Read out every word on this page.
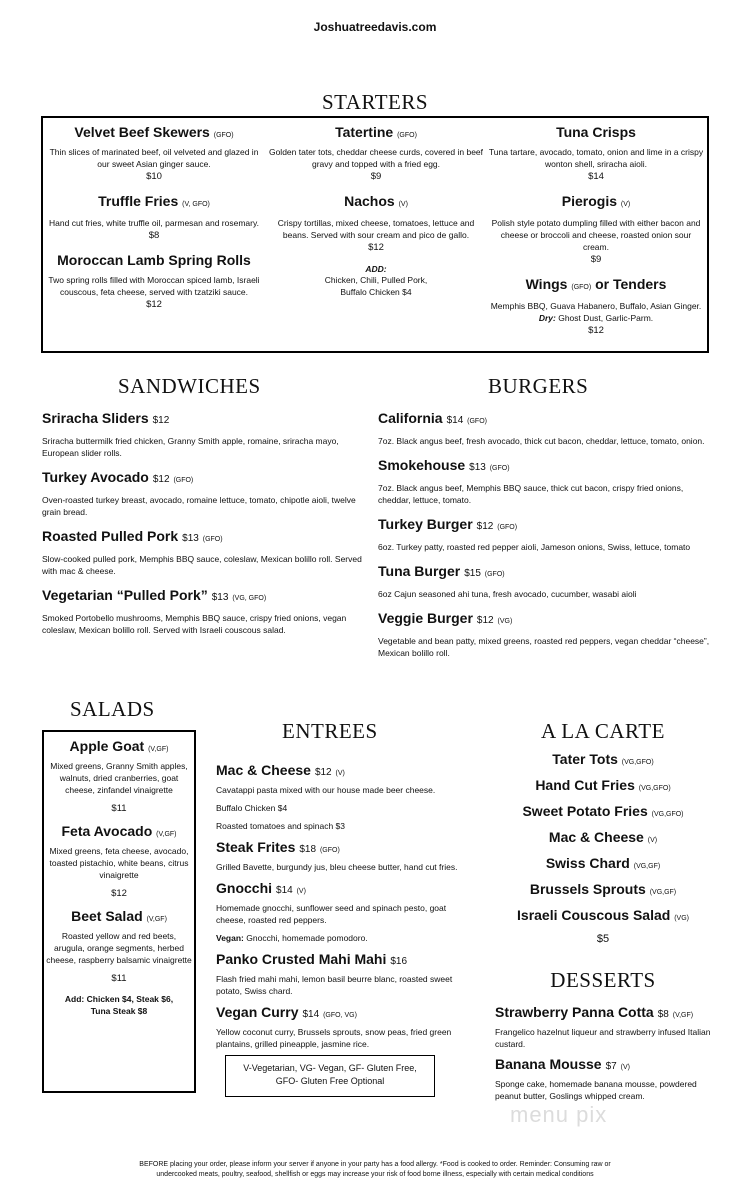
Joshuatreedavis.com
STARTERS
Velvet Beef Skewers (GFO)
Thin slices of marinated beef, oil velveted and glazed in our sweet Asian ginger sauce.
$10
Truffle Fries (V, GFO)
Hand cut fries, white truffle oil, parmesan and rosemary.
$8
Moroccan Lamb Spring Rolls
Two spring rolls filled with Moroccan spiced lamb, Israeli couscous, feta cheese, served with tzatziki sauce.
$12
Tatertine (GFO)
Golden tater tots, cheddar cheese curds, covered in beef gravy and topped with a fried egg.
$9
Nachos (V)
Crispy tortillas, mixed cheese, tomatoes, lettuce and beans. Served with sour cream and pico de gallo.
$12
ADD:
Chicken, Chili, Pulled Pork,
Buffalo Chicken $4
Tuna Crisps
Tuna tartare, avocado, tomato, onion and lime in a crispy wonton shell, sriracha aioli.
$14
Pierogis (V)
Polish style potato dumpling filled with either bacon and cheese or broccoli and cheese, roasted onion sour cream.
$9
Wings (GFO) or Tenders
Memphis BBQ, Guava Habanero, Buffalo, Asian Ginger.
Dry: Ghost Dust, Garlic-Parm.
$12
SANDWICHES
Sriracha Sliders $12
Sriracha buttermilk fried chicken, Granny Smith apple, romaine, sriracha mayo, European slider rolls.
Turkey Avocado $12 (GFO)
Oven-roasted turkey breast, avocado, romaine lettuce, tomato, chipotle aioli, twelve grain bread.
Roasted Pulled Pork $13 (GFO)
Slow-cooked pulled pork, Memphis BBQ sauce, coleslaw, Mexican bolillo roll. Served with mac & cheese.
Vegetarian “Pulled Pork” $13 (VG, GFO)
Smoked Portobello mushrooms, Memphis BBQ sauce, crispy fried onions, vegan coleslaw, Mexican bolillo roll. Served with Israeli couscous salad.
BURGERS
California $14 (GFO)
7oz. Black angus beef, fresh avocado, thick cut bacon, cheddar, lettuce, tomato, onion.
Smokehouse $13 (GFO)
7oz. Black angus beef, Memphis BBQ sauce, thick cut bacon, crispy fried onions, cheddar, lettuce, tomato.
Turkey Burger $12 (GFO)
6oz. Turkey patty, roasted red pepper aioli, Jameson onions, Swiss, lettuce, tomato
Tuna Burger $15 (GFO)
6oz Cajun seasoned ahi tuna, fresh avocado, cucumber, wasabi aioli
Veggie Burger $12 (VG)
Vegetable and bean patty, mixed greens, roasted red peppers, vegan cheddar “cheese”, Mexican bolillo roll.
SALADS
Apple Goat (V,GF)
Mixed greens, Granny Smith apples, walnuts, dried cranberries, goat cheese, zinfandel vinaigrette
$11
Feta Avocado (V,GF)
Mixed greens, feta cheese, avocado, toasted pistachio, white beans, citrus vinaigrette
$12
Beet Salad (V,GF)
Roasted yellow and red beets, arugula, orange segments, herbed cheese, raspberry balsamic vinaigrette
$11
Add: Chicken $4, Steak $6,
Tuna Steak $8
ENTREES
Mac & Cheese $12 (V)
Cavatappi pasta mixed with our house made beer cheese.
Buffalo Chicken $4
Roasted tomatoes and spinach $3
Steak Frites $18 (GFO)
Grilled Bavette, burgundy jus, bleu cheese butter, hand cut fries.
Gnocchi $14 (V)
Homemade gnocchi, sunflower seed and spinach pesto, goat cheese, roasted red peppers.
Vegan: Gnocchi, homemade pomodoro.
Panko Crusted Mahi Mahi $16
Flash fried mahi mahi, lemon basil beurre blanc, roasted sweet potato, Swiss chard.
Vegan Curry $14 (GFO, VG)
Yellow coconut curry, Brussels sprouts, snow peas, fried green plantains, grilled pineapple, jasmine rice.
V-Vegetarian, VG- Vegan, GF- Gluten Free,
GFO- Gluten Free Optional
A LA CARTE
Tater Tots (VG,GFO)
Hand Cut Fries (VG,GFO)
Sweet Potato Fries (VG,GFO)
Mac & Cheese (V)
Swiss Chard (VG,GF)
Brussels Sprouts (VG,GF)
Israeli Couscous Salad (VG)
$5
DESSERTS
Strawberry Panna Cotta $8 (V,GF)
Frangelico hazelnut liqueur and strawberry infused Italian custard.
Banana Mousse $7 (V)
Sponge cake, homemade banana mousse, powdered peanut butter, Goslings whipped cream.
menu pix
BEFORE placing your order, please inform your server if anyone in your party has a food allergy. *Food is cooked to order. Reminder: Consuming raw or
undercooked meats, poultry, seafood, shellfish or eggs may increase your risk of food borne illness, especially with certain medical conditions
